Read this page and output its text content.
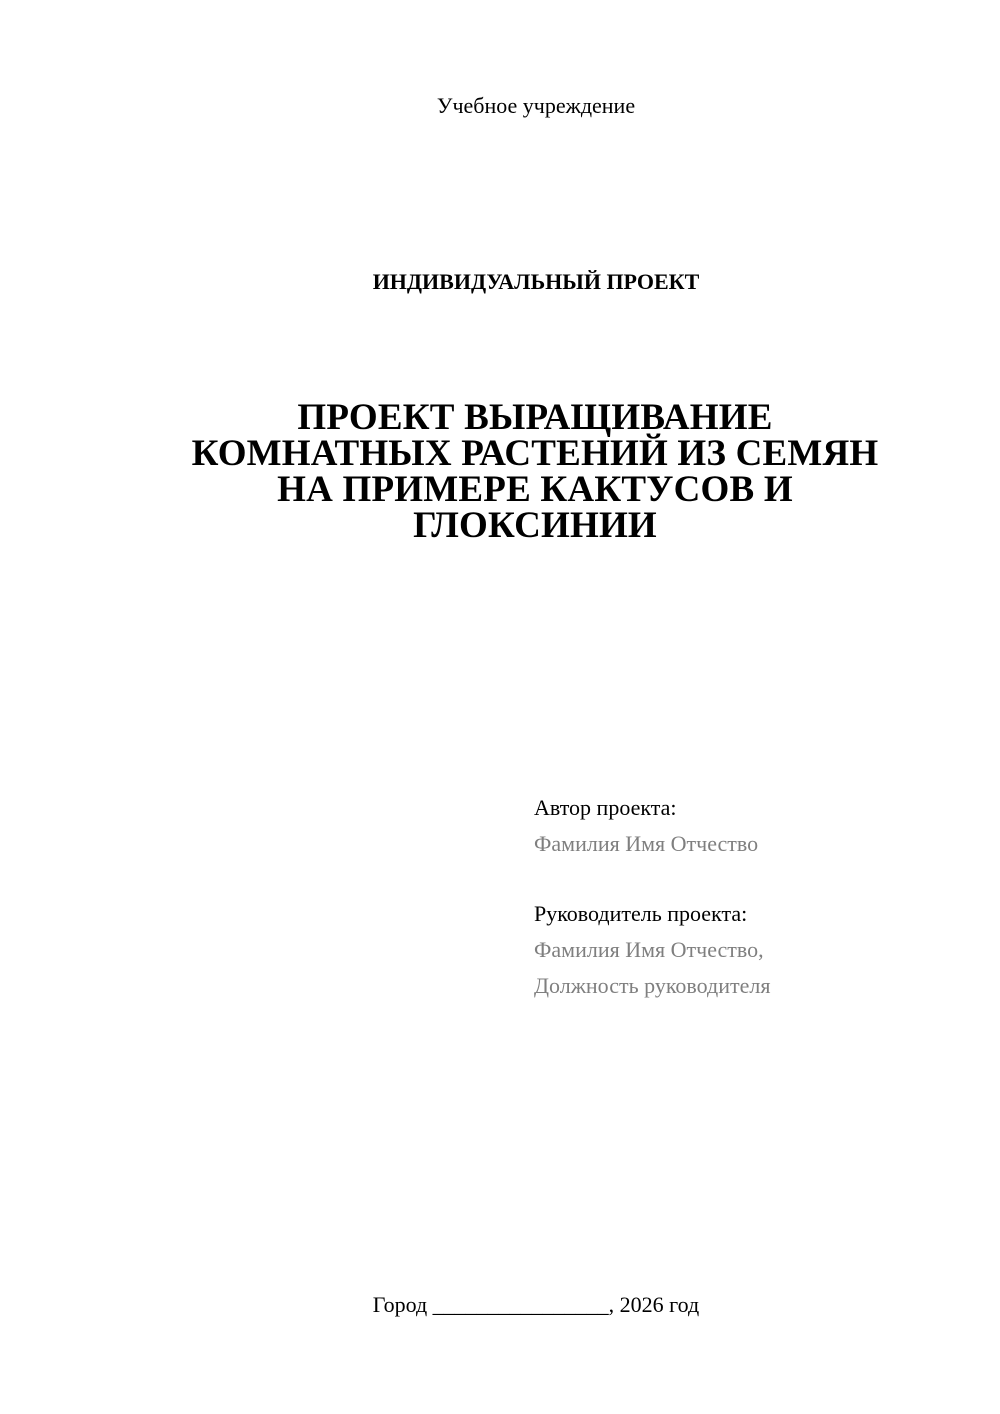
Учебное учреждение
ИНДИВИДУАЛЬНЫЙ ПРОЕКТ
ПРОЕКТ ВЫРАЩИВАНИЕ
КОМНАТНЫХ РАСТЕНИЙ ИЗ СЕМЯН
НА ПРИМЕРЕ КАКТУСОВ И
ГЛОКСИНИИ
Автор проекта:
Фамилия Имя Отчество
Руководитель проекта:
Фамилия Имя Отчество,
Должность руководителя
Город ________________, 2026 год
